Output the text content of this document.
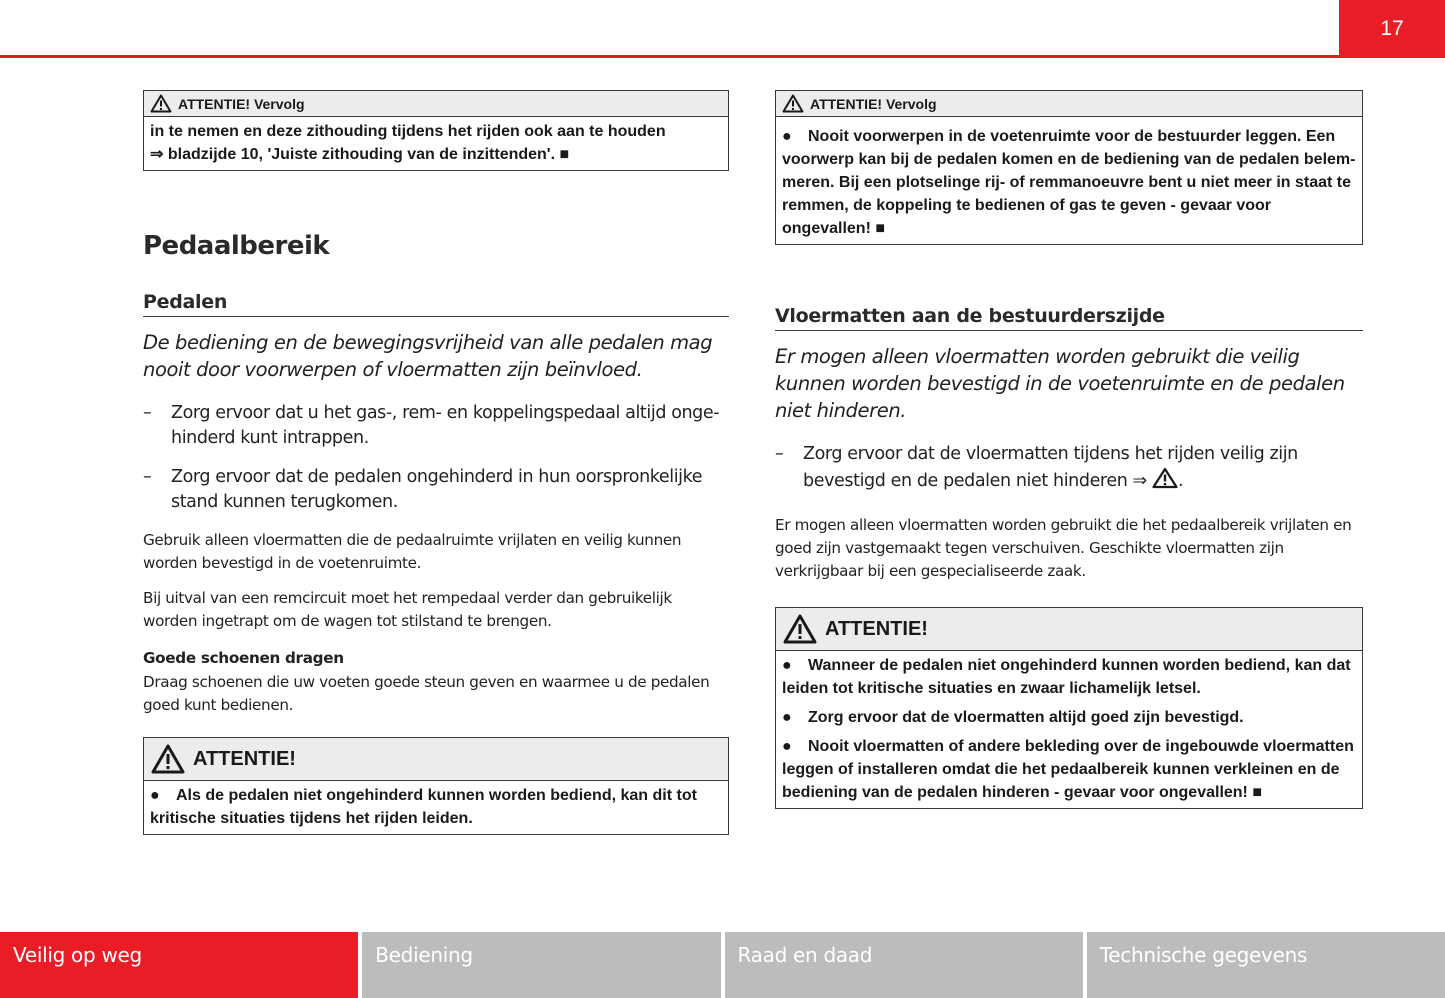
17
ATTENTIE! Vervolg

in te nemen en deze zithouding tijdens het rijden ook aan te houden

⇒ bladzijde 10, 'Juiste zithouding van de inzittenden'. ■

Pedaalbereik
Pedalen

De bediening en de bewegingsvrijheid van alle pedalen mag nooit door voorwerpen of vloermatten zijn beïnvloed.

–	Zorg ervoor dat u het gas-, rem- en koppelingspedaal altijd ongehinderd kunt intrappen.
–	Zorg ervoor dat de pedalen ongehinderd in hun oorspronkelijke stand kunnen terugkomen.

Gebruik alleen vloermatten die de pedaalruimte vrijlaten en veilig kunnen worden bevestigd in de voetenruimte.

Bij uitval van een remcircuit moet het rempedaal verder dan gebruikelijk worden ingetrapt om de wagen tot stilstand te brengen.

Goede schoenen dragen

Draag schoenen die uw voeten goede steun geven en waarmee u de pedalen goed kunt bedienen.

ATTENTIE!

● Als de pedalen niet ongehinderd kunnen worden bediend, kan dit tot kritische situaties tijdens het rijden leiden.

ATTENTIE! Vervolg

● Nooit voorwerpen in de voetenruimte voor de bestuurder leggen. Een voorwerp kan bij de pedalen komen en de bediening van de pedalen belemmeren. Bij een plotselinge rij- of remmanoeuvre bent u niet meer in staat te remmen, de koppeling te bedienen of gas te geven - gevaar voor ongevallen! ■

Vloermatten aan de bestuurderszijde

Er mogen alleen vloermatten worden gebruikt die veilig kunnen worden bevestigd in de voetenruimte en de pedalen niet hinderen.

–	Zorg ervoor dat de vloermatten tijdens het rijden veilig zijn bevestigd en de pedalen niet hinderen ⇒ .

Er mogen alleen vloermatten worden gebruikt die het pedaalbereik vrijlaten en goed zijn vastgemaakt tegen verschuiven. Geschikte vloermatten zijn verkrijgbaar bij een gespecialiseerde zaak.

ATTENTIE!

● Wanneer de pedalen niet ongehinderd kunnen worden bediend, kan dat leiden tot kritische situaties en zwaar lichamelijk letsel.

● Zorg ervoor dat de vloermatten altijd goed zijn bevestigd.

● Nooit vloermatten of andere bekleding over de ingebouwde vloermatten leggen of installeren omdat die het pedaalbereik kunnen verkleinen en de bediening van de pedalen hinderen - gevaar voor ongevallen! ■

Veilig op weg	Bediening	Raad en daad	Technische gegevens
